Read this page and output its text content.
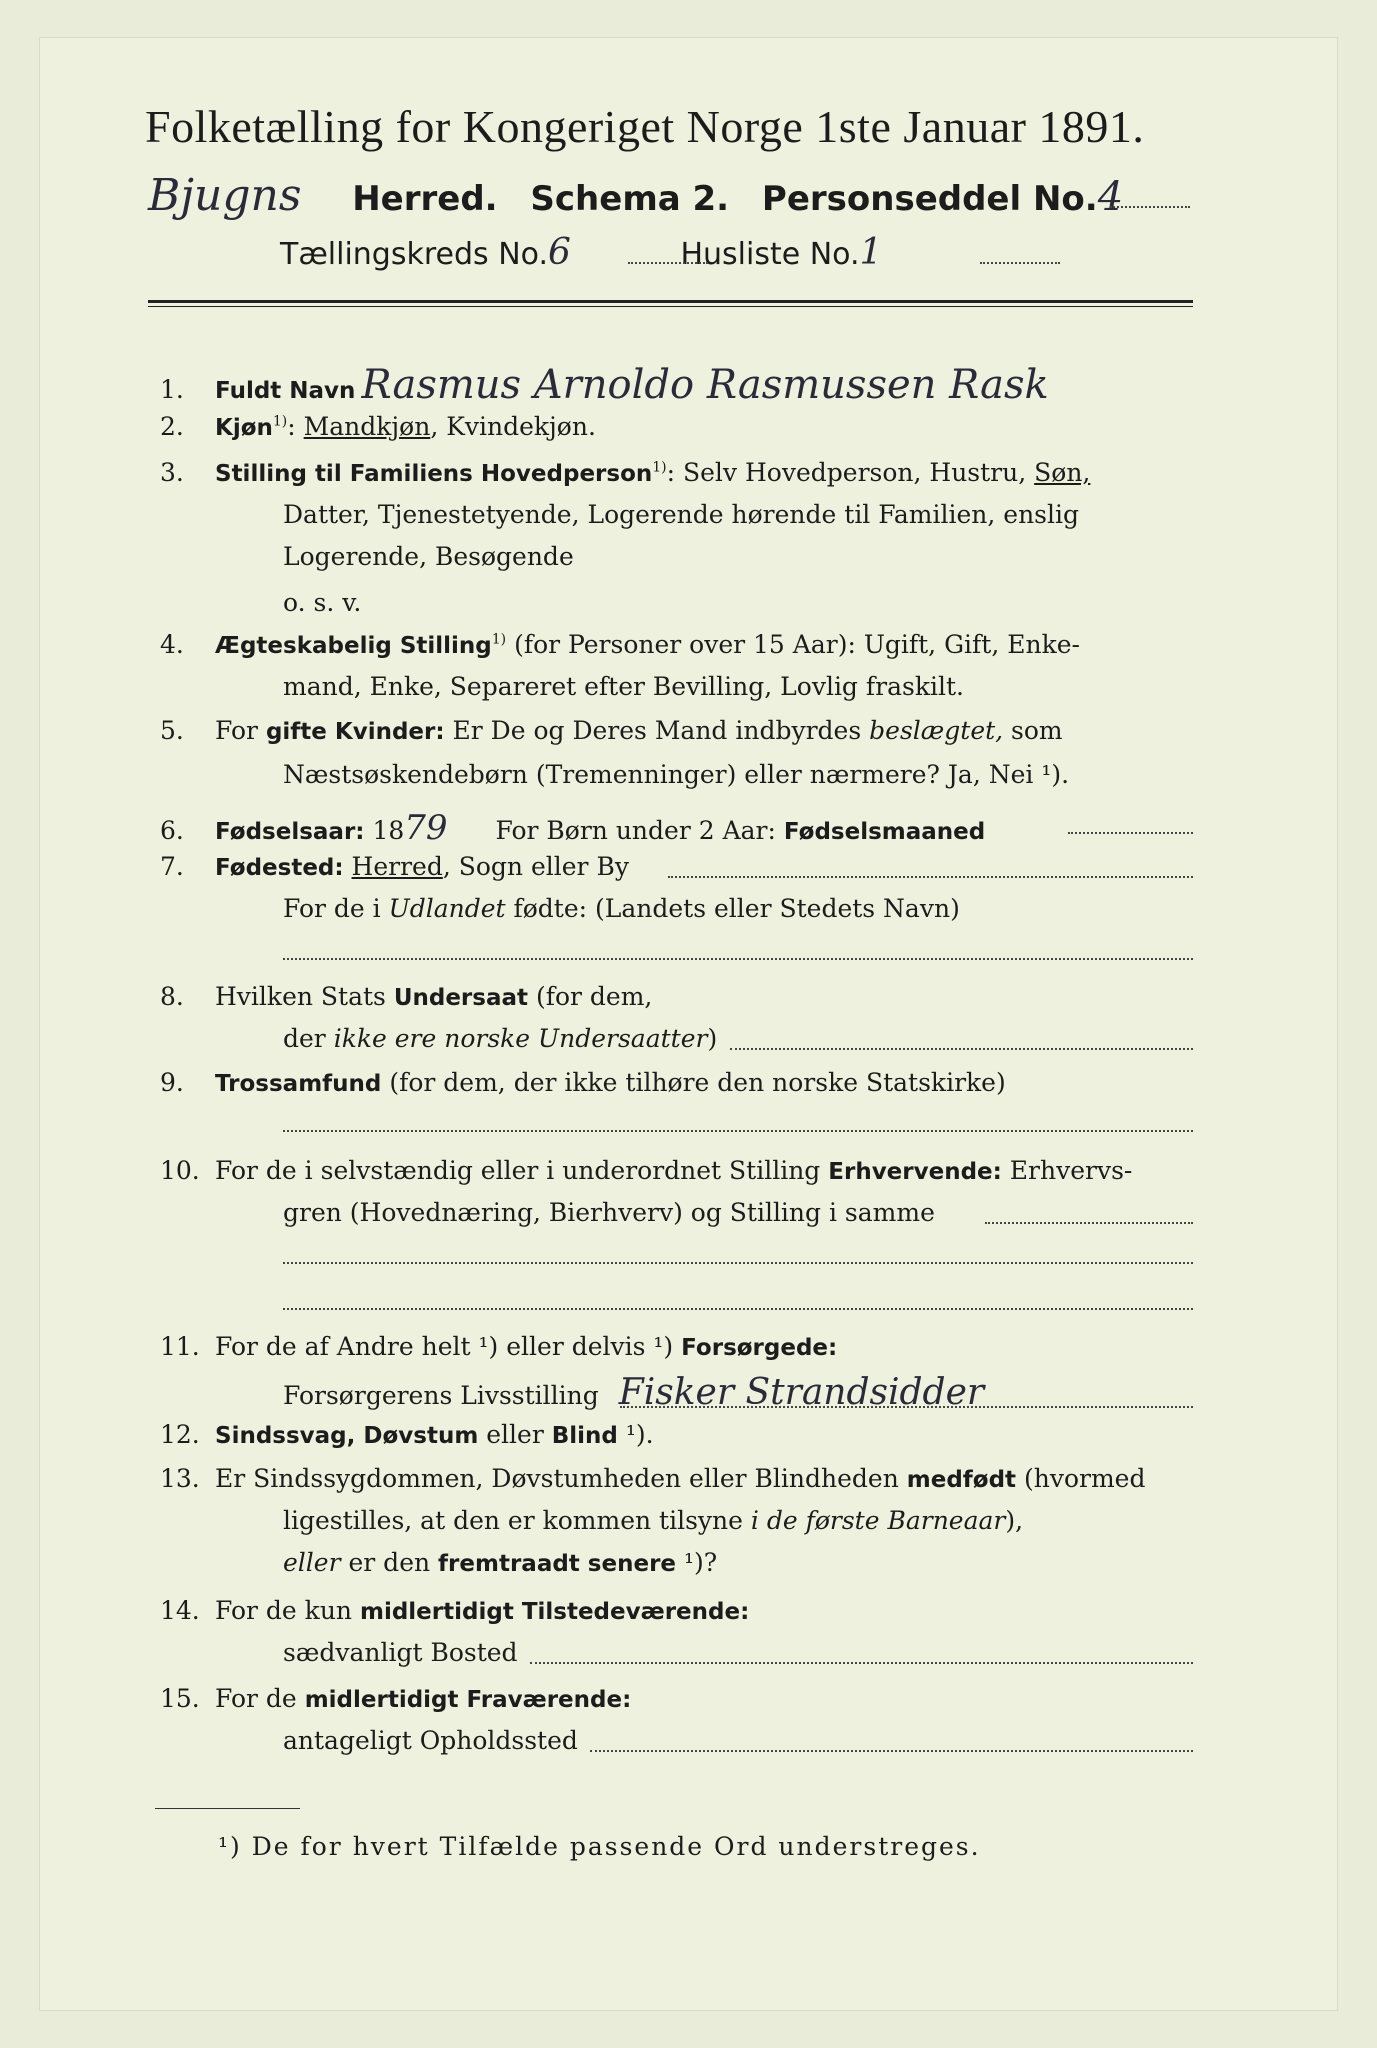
Folketælling for Kongeriget Norge 1ste Januar 1891.
Bjugns Herred. Schema 2. Personseddel No.4
Tællingskreds No.6	Husliste No.1
1. Fuldt Navn Rasmus Arnoldo Rasmussen Rask
2. Kjøn$^{1)}$: Mandkjøn, Kvindekjøn.
3. Stilling til Familiens Hovedperson$^{1)}$: Selv Hovedperson, Hustru, Søn,
Datter, Tjenestetyende, Logerende hørende til Familien, enslig
Logerende, Besøgende
o. s. v.
4. Ægteskabelig Stilling$^{1)}$ (for Personer over 15 Aar): Ugift, Gift, Enke-
mand, Enke, Separeret efter Bevilling, Lovlig fraskilt.
5. For gifte Kvinder: Er De og Deres Mand indbyrdes beslægtet, som
Næstsøskendebørn (Tremenninger) eller nærmere? Ja, Nei ¹).
6. Fødselsaar: 1879 For Børn under 2 Aar: Fødselsmaaned
7. Fødested: Herred, Sogn eller By
For de i Udlandet fødte: (Landets eller Stedets Navn)
8. Hvilken Stats Undersaat (for dem,
der ikke ere norske Undersaatter)
9. Trossamfund (for dem, der ikke tilhøre den norske Statskirke)
10. For de i selvstændig eller i underordnet Stilling Erhvervende: Erhvervs-
gren (Hovednæring, Bierhverv) og Stilling i samme
11. For de af Andre helt ¹) eller delvis ¹) Forsørgede:
Forsørgerens Livsstilling Fisker Strandsidder
12. Sindssvag, Døvstum eller Blind ¹).
13. Er Sindssygdommen, Døvstumheden eller Blindheden medfødt (hvormed
ligestilles, at den er kommen tilsyne i de første Barneaar),
eller er den fremtraadt senere ¹)?
14. For de kun midlertidigt Tilstedeværende:
sædvanligt Bosted
15. For de midlertidigt Fraværende:
antageligt Opholdssted
¹) De for hvert Tilfælde passende Ord understreges.
